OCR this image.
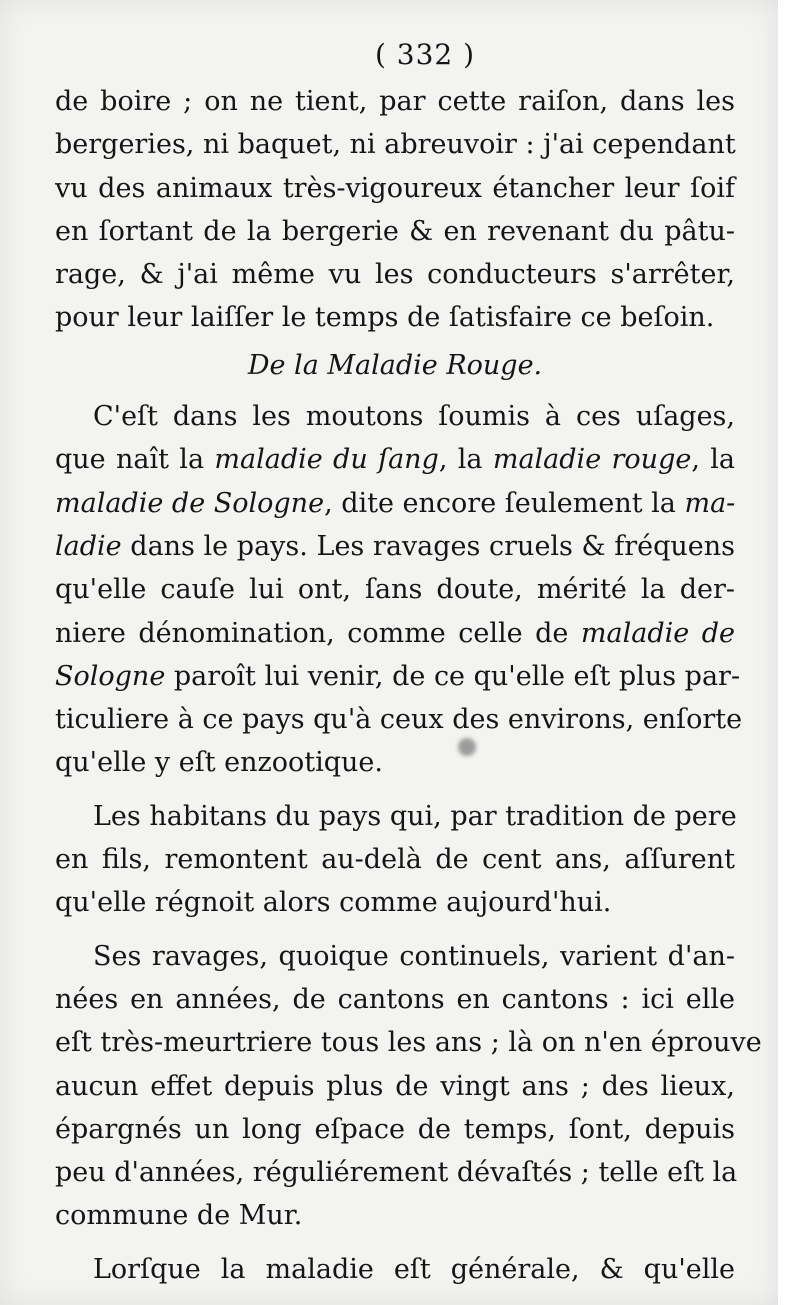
( 332 )
de boire ; on ne tient, par cette raiſon, dans les
bergeries, ni baquet, ni abreuvoir : j'ai cependant
vu des animaux très-vigoureux étancher leur ſoif
en ſortant de la bergerie & en revenant du pâtu-
rage, & j'ai même vu les conducteurs s'arrêter,
pour leur laiſſer le temps de ſatisfaire ce beſoin.
De la Maladie Rouge.
C'eſt dans les moutons ſoumis à ces uſages,
que naît la maladie du ſang, la maladie rouge, la
maladie de Sologne, dite encore ſeulement la ma-
ladie dans le pays. Les ravages cruels & fréquens
qu'elle cauſe lui ont, ſans doute, mérité la der-
niere dénomination, comme celle de maladie de
Sologne paroît lui venir, de ce qu'elle eſt plus par-
ticuliere à ce pays qu'à ceux des environs, enſorte
qu'elle y eſt enzootique.
Les habitans du pays qui, par tradition de pere
en fils, remontent au-delà de cent ans, aſſurent
qu'elle régnoit alors comme aujourd'hui.
Ses ravages, quoique continuels, varient d'an-
nées en années, de cantons en cantons : ici elle
eſt très-meurtriere tous les ans ; là on n'en éprouve
aucun effet depuis plus de vingt ans ; des lieux,
épargnés un long eſpace de temps, ſont, depuis
peu d'années, réguliérement dévaſtés ; telle eſt la
commune de Mur.
Lorſque la maladie eſt générale, & qu'elle
